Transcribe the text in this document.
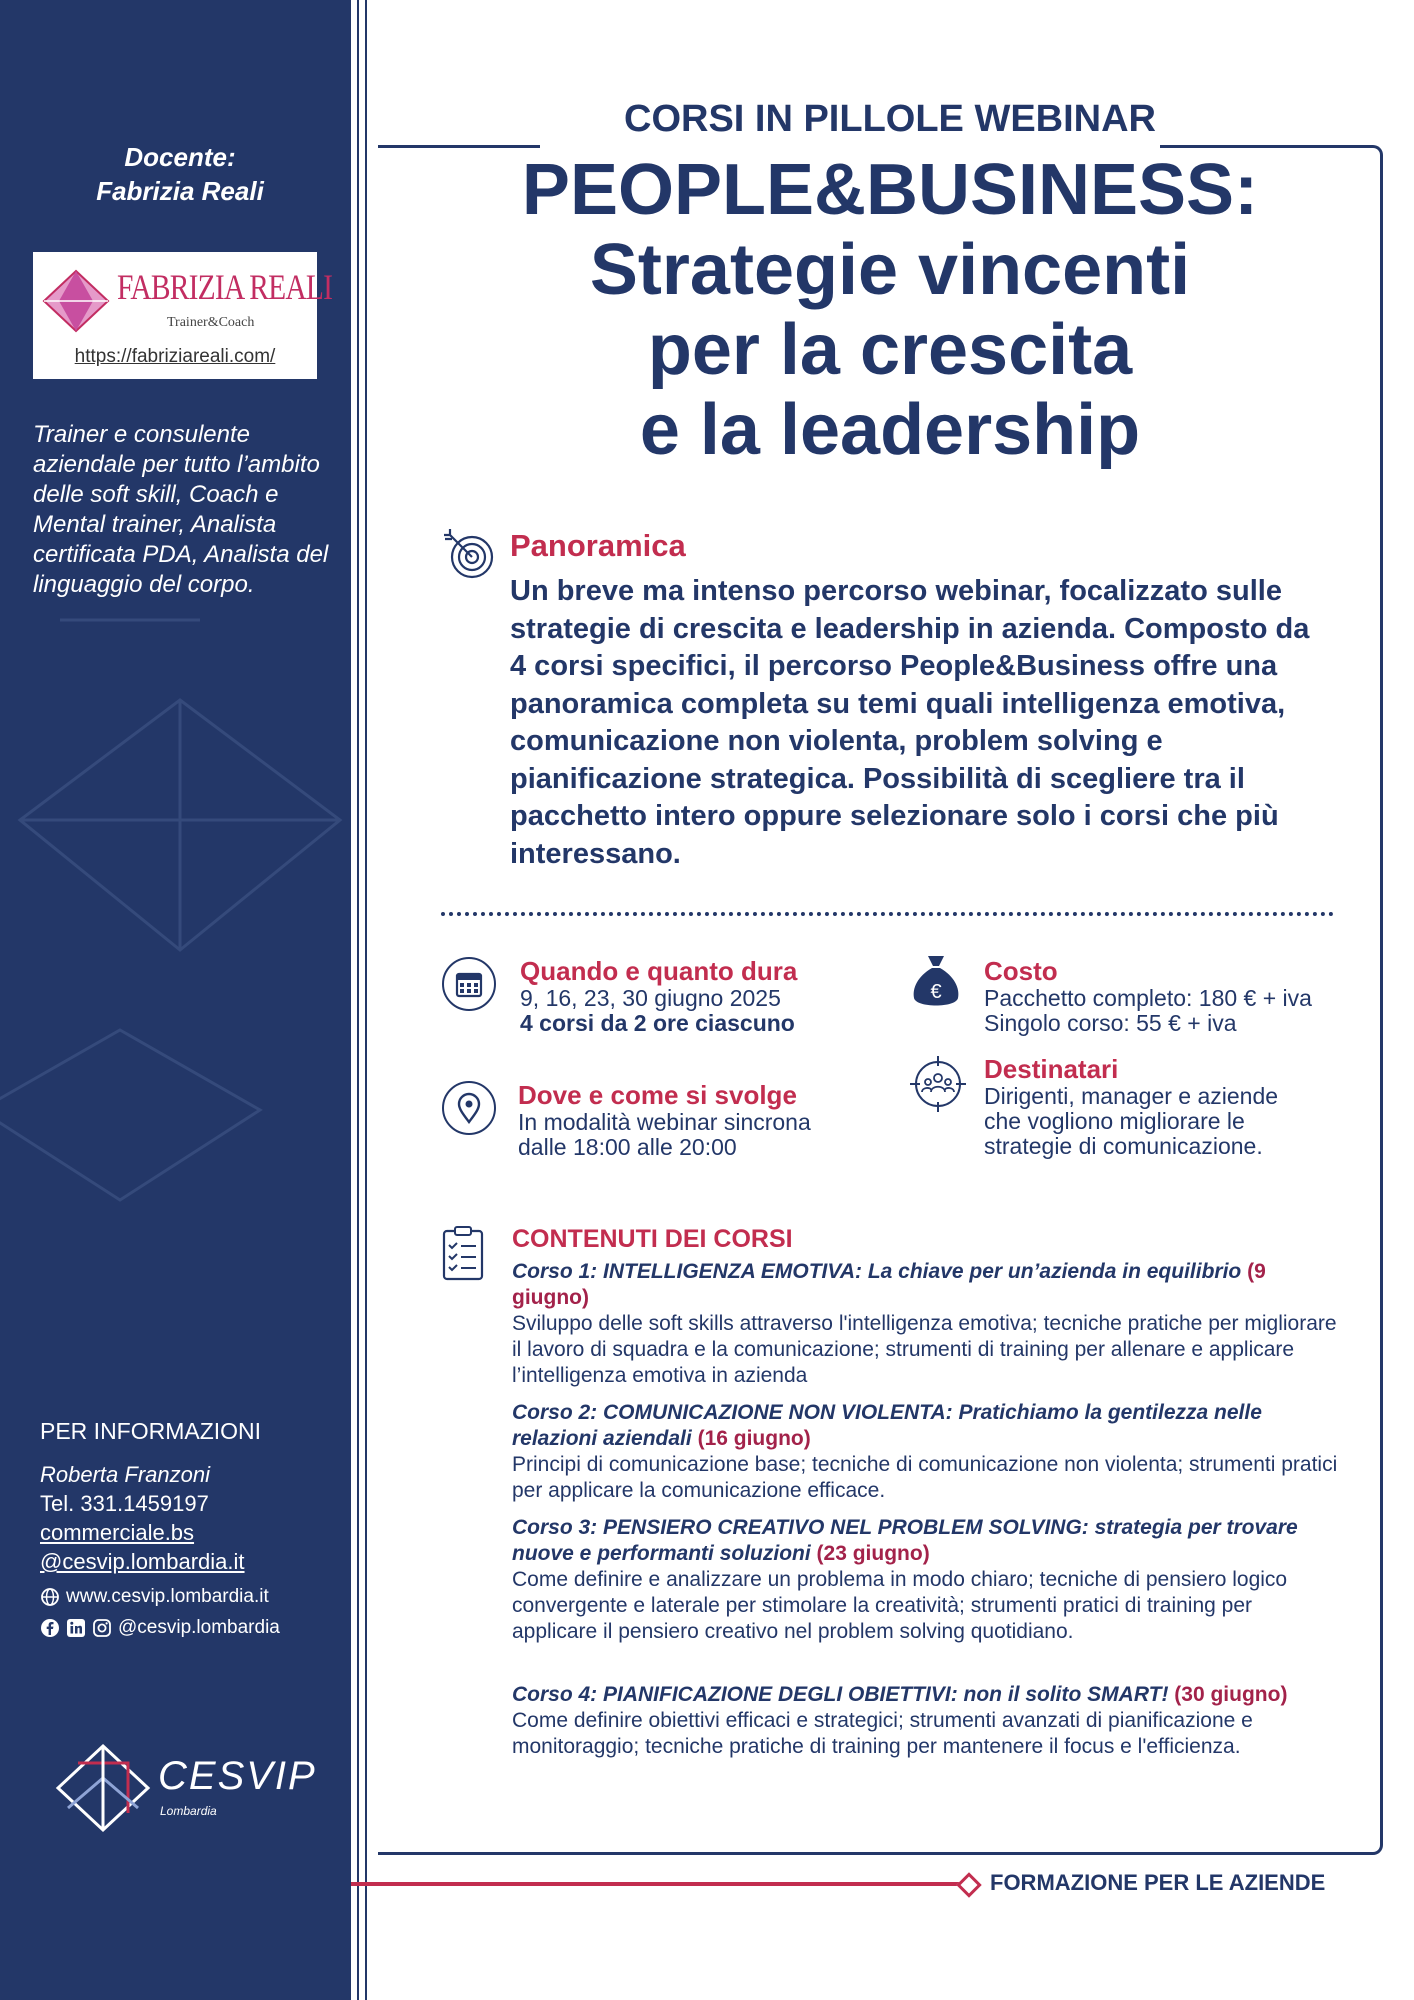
Docente:
Fabrizia Reali
FABRIZIA REALI
Trainer&Coach
https://fabriziareali.com/
Trainer e consulente aziendale per tutto l’ambito delle soft skill, Coach e Mental trainer, Analista certificata PDA, Analista del linguaggio del corpo.
PER INFORMAZIONI
Roberta Franzoni
Tel. 331.1459197
commerciale.bs
@cesvip.lombardia.it
www.cesvip.lombardia.it
@cesvip.lombardia
CESVIP
Lombardia
CORSI IN PILLOLE WEBINAR
PEOPLE&BUSINESS:
Strategie vincenti
per la crescita
e la leadership
Panoramica
Un breve ma intenso percorso webinar, focalizzato sulle strategie di crescita e leadership in azienda. Composto da 4 corsi specifici, il percorso People&Business offre una panoramica completa su temi quali intelligenza emotiva, comunicazione non violenta, problem solving e pianificazione strategica. Possibilità di scegliere tra il pacchetto intero oppure selezionare solo i corsi che più interessano.
Quando e quanto dura
9, 16, 23, 30 giugno 2025
4 corsi da 2 ore ciascuno
Dove e come si svolge
In modalità webinar sincrona
dalle 18:00 alle 20:00
€
Costo
Pacchetto completo: 180 € + iva
Singolo corso: 55 € + iva
Destinatari
Dirigenti, manager e aziende
che vogliono migliorare le
strategie di comunicazione.
CONTENUTI DEI CORSI
Corso 1: INTELLIGENZA EMOTIVA: La chiave per un’azienda in equilibrio (9 giugno)
Sviluppo delle soft skills attraverso l'intelligenza emotiva; tecniche pratiche per migliorare il lavoro di squadra e la comunicazione; strumenti di training per allenare e applicare l’intelligenza emotiva in azienda
Corso 2: COMUNICAZIONE NON VIOLENTA: Pratichiamo la gentilezza nelle relazioni aziendali (16 giugno)
Principi di comunicazione base; tecniche di comunicazione non violenta; strumenti pratici per applicare la comunicazione efficace.
Corso 3: PENSIERO CREATIVO NEL PROBLEM SOLVING: strategia per trovare nuove e performanti soluzioni (23 giugno)
Come definire e analizzare un problema in modo chiaro; tecniche di pensiero logico convergente e laterale per stimolare la creatività; strumenti pratici di training per applicare il pensiero creativo nel problem solving quotidiano.
Corso 4: PIANIFICAZIONE DEGLI OBIETTIVI: non il solito SMART! (30 giugno)
Come definire obiettivi efficaci e strategici; strumenti avanzati di pianificazione e monitoraggio; tecniche pratiche di training per mantenere il focus e l'efficienza.
FORMAZIONE PER LE AZIENDE
